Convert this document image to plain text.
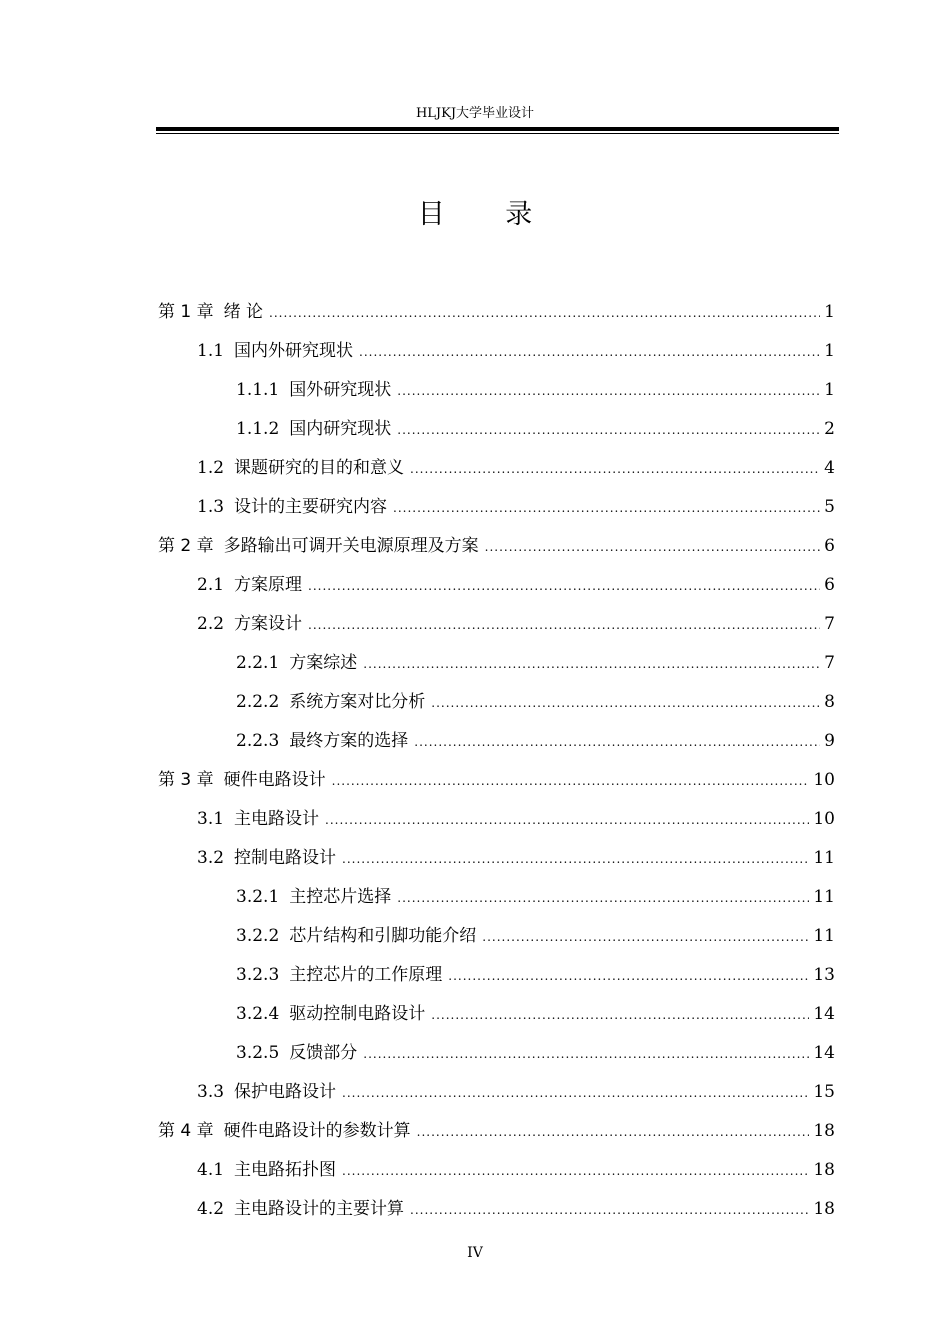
HLJKJ大学毕业设计
目 录
第 1 章 绪 论 .....	1
1.1 国内外研究现状 .....	1
1.1.1 国外研究现状 .....	1
1.1.2 国内研究现状 .....	2
1.2 课题研究的目的和意义 .....	4
1.3 设计的主要研究内容 .....	5
第 2 章 多路输出可调开关电源原理及方案 .....	6
2.1 方案原理 .....	6
2.2 方案设计 .....	7
2.2.1 方案综述 .....	7
2.2.2 系统方案对比分析 .....	8
2.2.3 最终方案的选择 .....	9
第 3 章 硬件电路设计 .....	10
3.1 主电路设计 .....	10
3.2 控制电路设计 .....	11
3.2.1 主控芯片选择 .....	11
3.2.2 芯片结构和引脚功能介绍 .....	11
3.2.3 主控芯片的工作原理 .....	13
3.2.4 驱动控制电路设计 .....	14
3.2.5 反馈部分 .....	14
3.3 保护电路设计 .....	15
第 4 章 硬件电路设计的参数计算 .....	18
4.1 主电路拓扑图 .....	18
4.2 主电路设计的主要计算 .....	18
IV
